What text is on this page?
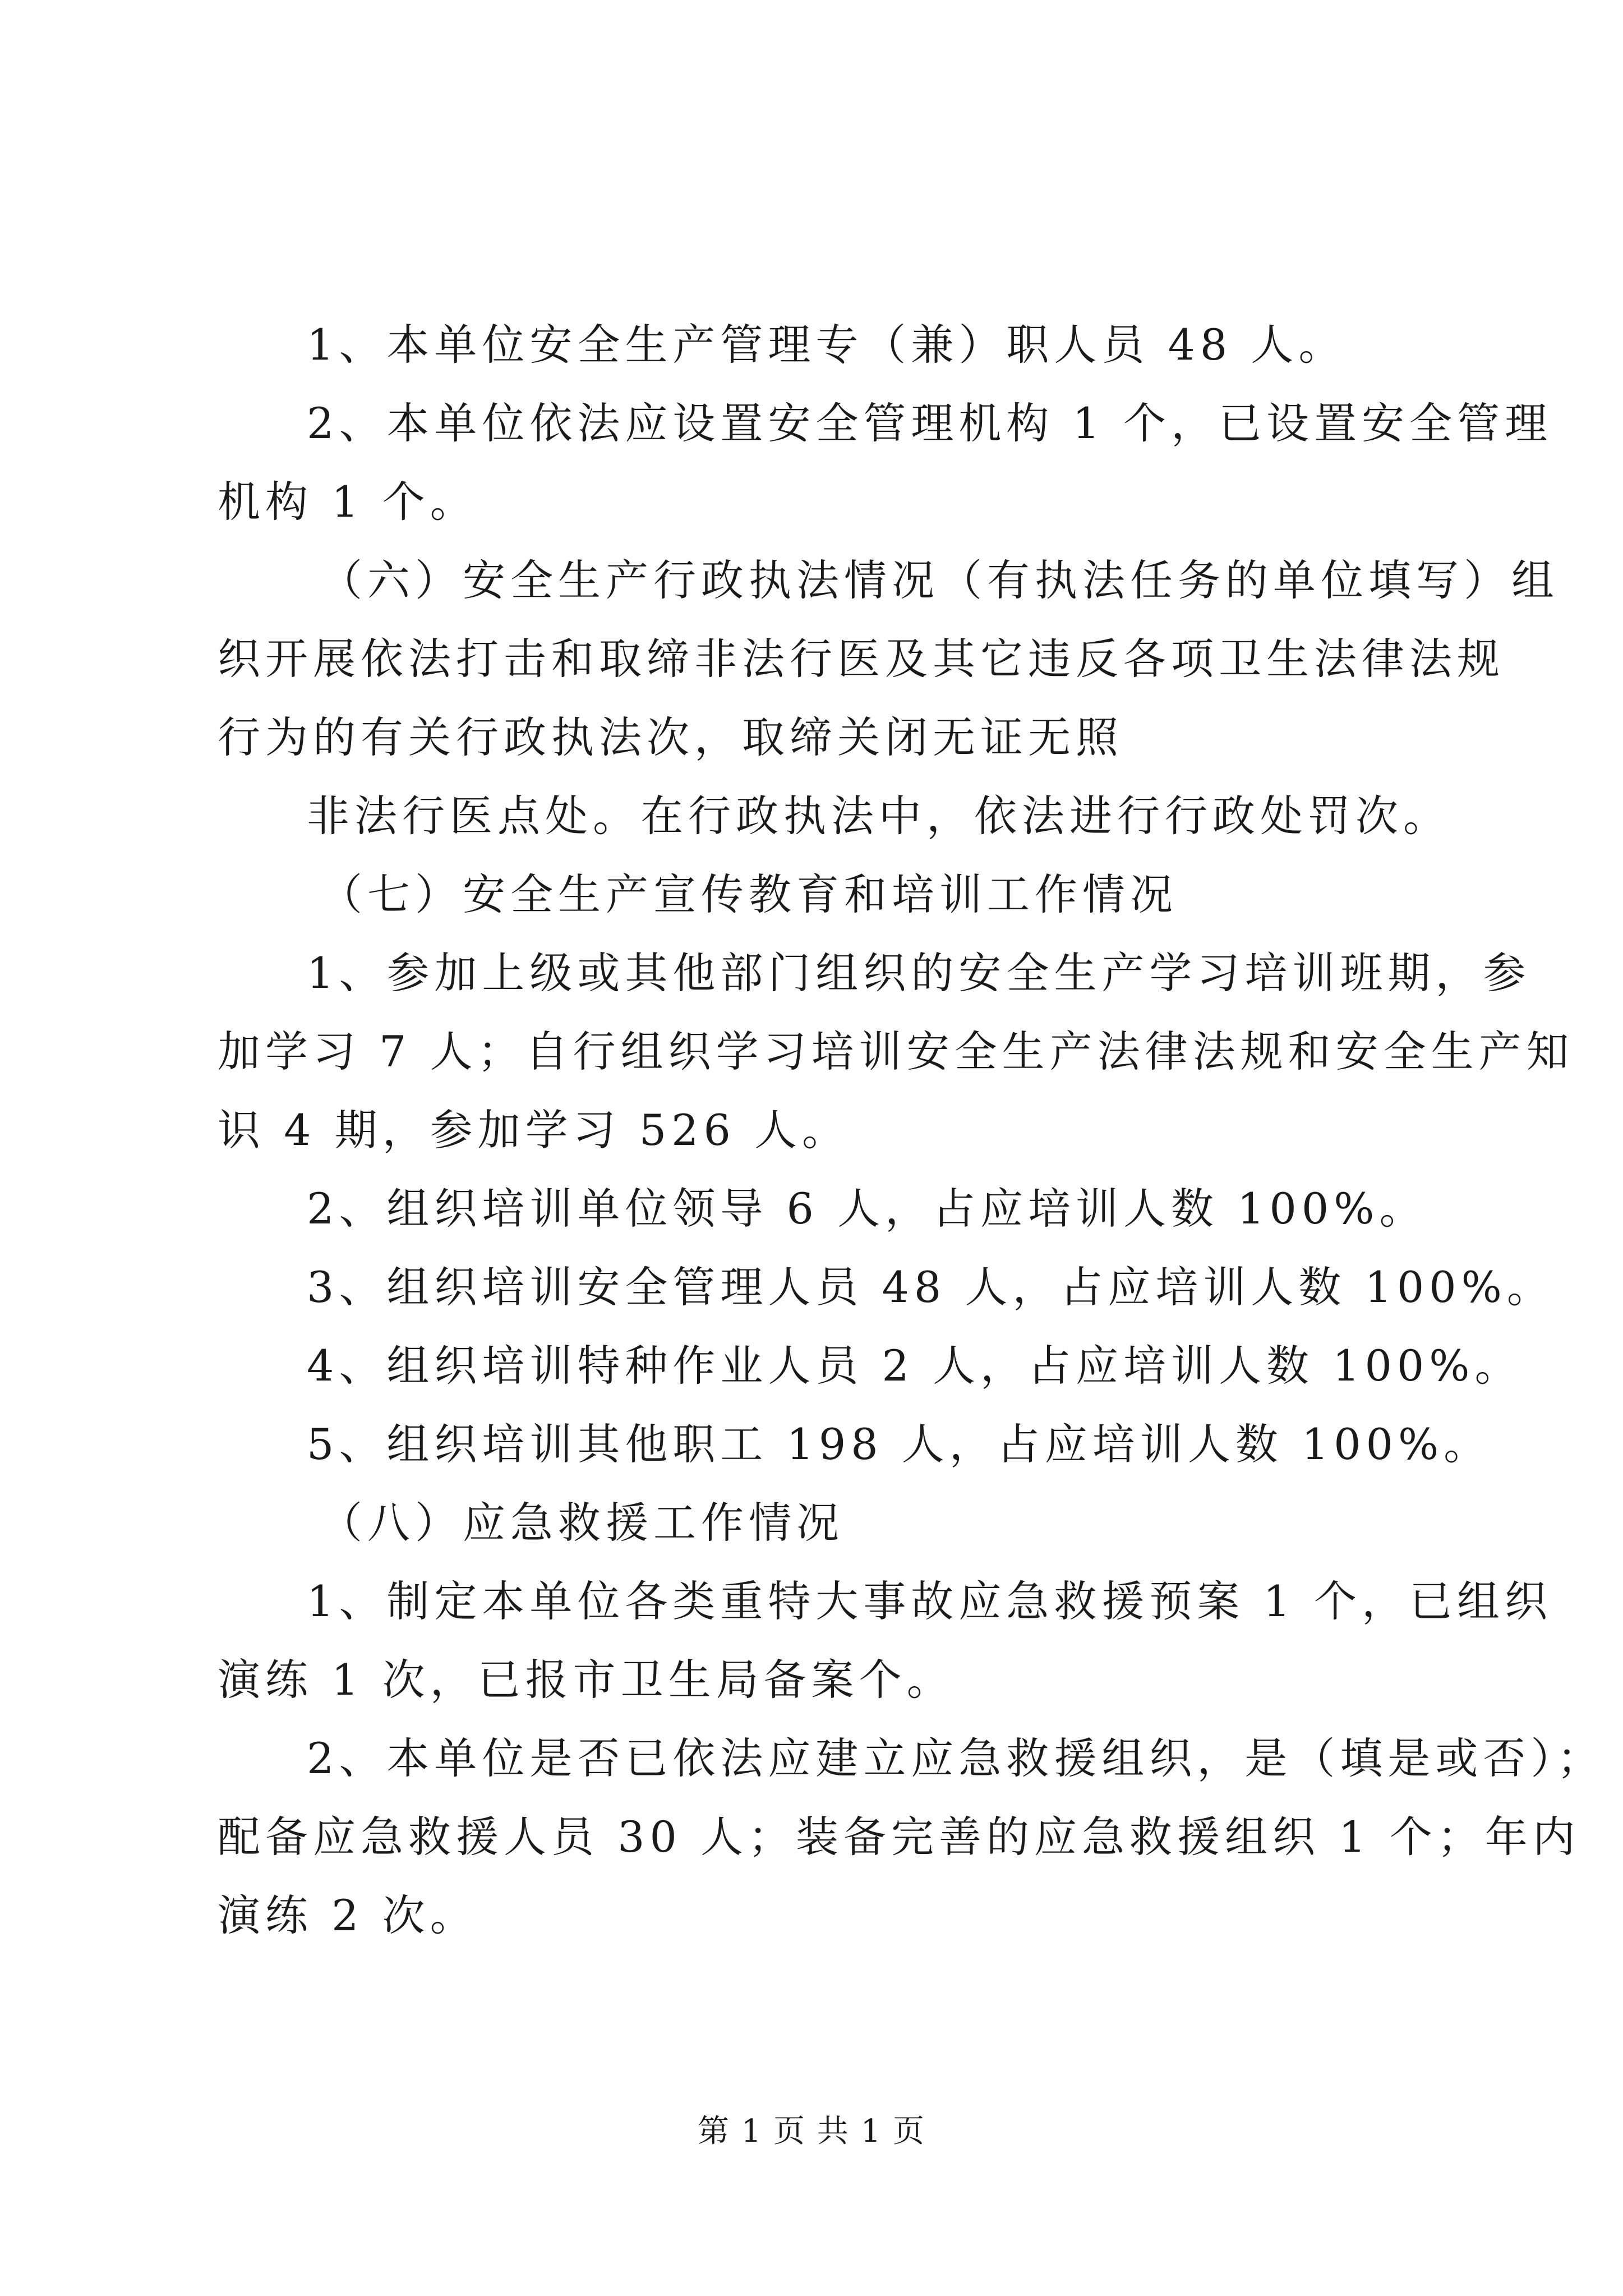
1、本单位安全生产管理专（兼）职人员 48 人。

2、本单位依法应设置安全管理机构 1 个，已设置安全管理

机构 1 个。

（六）安全生产行政执法情况（有执法任务的单位填写）组

织开展依法打击和取缔非法行医及其它违反各项卫生法律法规

行为的有关行政执法次，取缔关闭无证无照

非法行医点处。在行政执法中，依法进行行政处罚次。

（七）安全生产宣传教育和培训工作情况

1、参加上级或其他部门组织的安全生产学习培训班期，参

加学习 7 人；自行组织学习培训安全生产法律法规和安全生产知

识 4 期，参加学习 526 人。

2、组织培训单位领导 6 人，占应培训人数 100%。

3、组织培训安全管理人员 48 人，占应培训人数 100%。

4、组织培训特种作业人员 2 人，占应培训人数 100%。

5、组织培训其他职工 198 人，占应培训人数 100%。

（八）应急救援工作情况

1、制定本单位各类重特大事故应急救援预案 1 个，已组织

演练 1 次，已报市卫生局备案个。

2、本单位是否已依法应建立应急救援组织，是（填是或否）；

配备应急救援人员 30 人；装备完善的应急救援组织 1 个；年内

演练 2 次。

第 1 页 共 1 页
